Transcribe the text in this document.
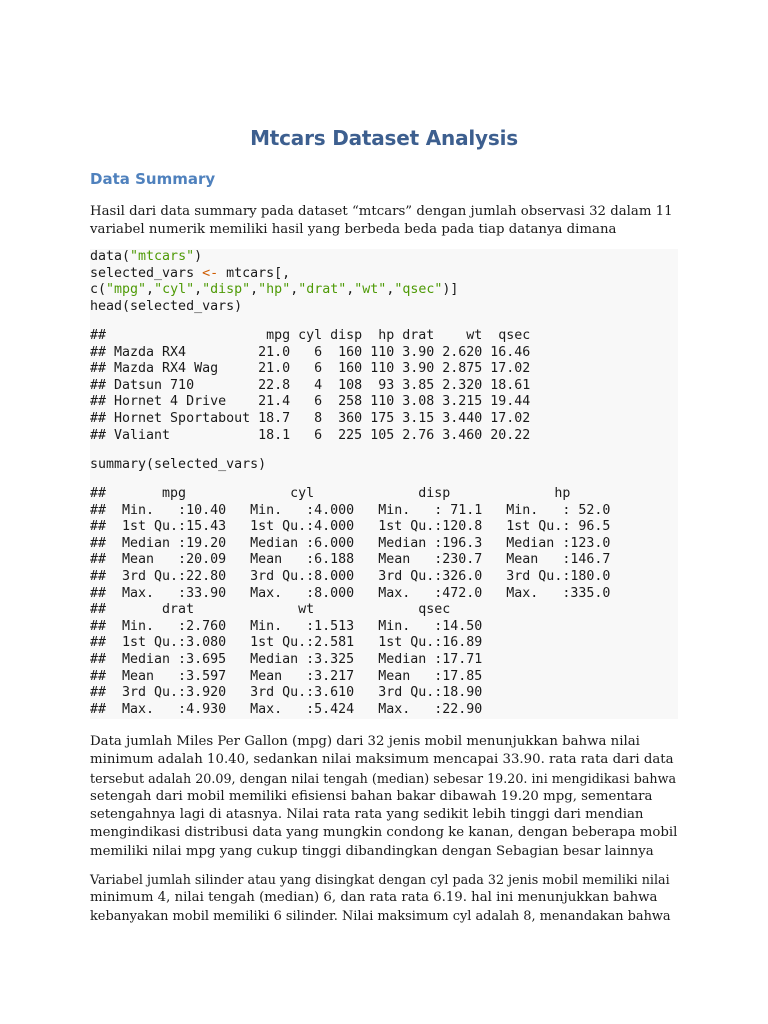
Mtcars Dataset Analysis
Data Summary

Hasil dari data summary pada dataset “mtcars” dengan jumlah observasi 32 dalam 11
variabel numerik memiliki hasil yang berbeda beda pada tiap datanya dimana

data("mtcars")
selected_vars <- mtcars[,
c("mpg","cyl","disp","hp","drat","wt","qsec")]
head(selected_vars)
##                    mpg cyl disp  hp drat    wt  qsec
## Mazda RX4         21.0   6  160 110 3.90 2.620 16.46
## Mazda RX4 Wag     21.0   6  160 110 3.90 2.875 17.02
## Datsun 710        22.8   4  108  93 3.85 2.320 18.61
## Hornet 4 Drive    21.4   6  258 110 3.08 3.215 19.44
## Hornet Sportabout 18.7   8  360 175 3.15 3.440 17.02
## Valiant           18.1   6  225 105 2.76 3.460 20.22
summary(selected_vars)
##       mpg             cyl             disp             hp
##  Min.   :10.40   Min.   :4.000   Min.   : 71.1   Min.   : 52.0
##  1st Qu.:15.43   1st Qu.:4.000   1st Qu.:120.8   1st Qu.: 96.5
##  Median :19.20   Median :6.000   Median :196.3   Median :123.0
##  Mean   :20.09   Mean   :6.188   Mean   :230.7   Mean   :146.7
##  3rd Qu.:22.80   3rd Qu.:8.000   3rd Qu.:326.0   3rd Qu.:180.0
##  Max.   :33.90   Max.   :8.000   Max.   :472.0   Max.   :335.0
##       drat             wt             qsec
##  Min.   :2.760   Min.   :1.513   Min.   :14.50
##  1st Qu.:3.080   1st Qu.:2.581   1st Qu.:16.89
##  Median :3.695   Median :3.325   Median :17.71
##  Mean   :3.597   Mean   :3.217   Mean   :17.85
##  3rd Qu.:3.920   3rd Qu.:3.610   3rd Qu.:18.90
##  Max.   :4.930   Max.   :5.424   Max.   :22.90

Data jumlah Miles Per Gallon (mpg) dari 32 jenis mobil menunjukkan bahwa nilai
minimum adalah 10.40, sedankan nilai maksimum mencapai 33.90. rata rata dari data
tersebut adalah 20.09, dengan nilai tengah (median) sebesar 19.20. ini mengidikasi bahwa
setengah dari mobil memiliki efisiensi bahan bakar dibawah 19.20 mpg, sementara
setengahnya lagi di atasnya. Nilai rata rata yang sedikit lebih tinggi dari mendian
mengindikasi distribusi data yang mungkin condong ke kanan, dengan beberapa mobil
memiliki nilai mpg yang cukup tinggi dibandingkan dengan Sebagian besar lainnya

Variabel jumlah silinder atau yang disingkat dengan cyl pada 32 jenis mobil memiliki nilai
minimum 4, nilai tengah (median) 6, dan rata rata 6.19. hal ini menunjukkan bahwa
kebanyakan mobil memiliki 6 silinder. Nilai maksimum cyl adalah 8, menandakan bahwa
